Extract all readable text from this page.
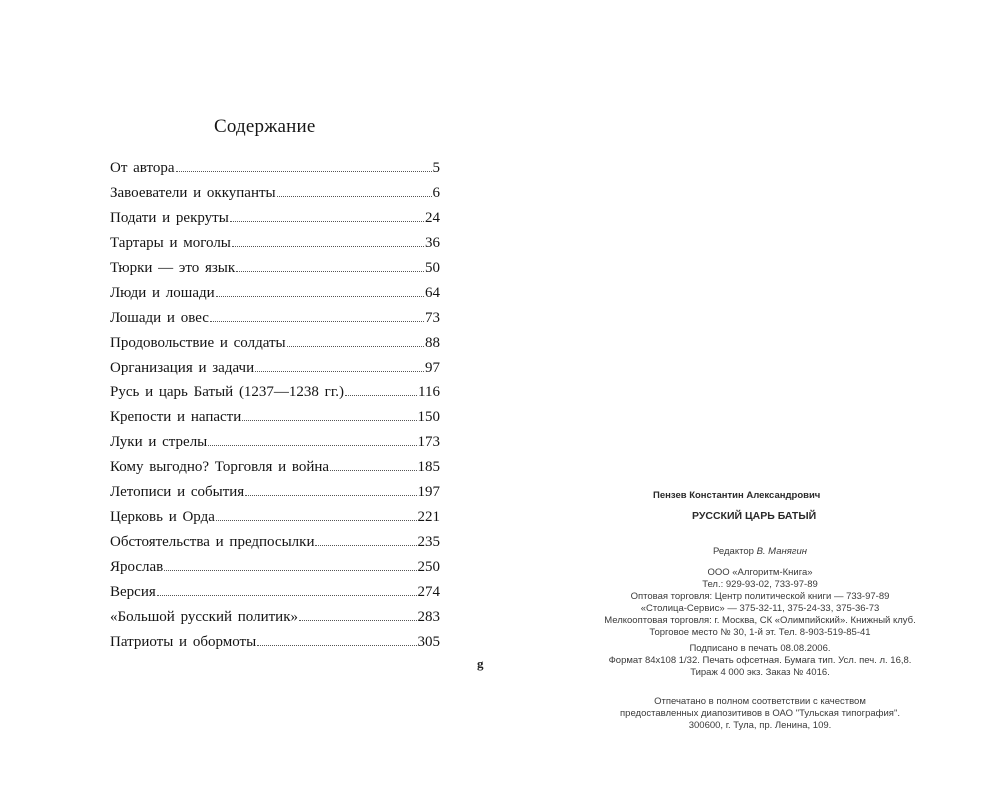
Содержание
От автора	5
Завоеватели и оккупанты	6
Подати и рекруты	24
Тартары и моголы	36
Тюрки — это язык	50
Люди и лошади	64
Лошади и овес	73
Продовольствие и солдаты	88
Организация и задачи	97
Русь и царь Батый (1237—1238 гг.)	116
Крепости и напасти	150
Луки и стрелы	173
Кому выгодно? Торговля и война	185
Летописи и события	197
Церковь и Орда	221
Обстоятельства и предпосылки	235
Ярослав	250
Версия	274
«Большой русский политик»	283
Патриоты и обормоты	305
g
Пензев Константин Александрович
РУССКИЙ ЦАРЬ БАТЫЙ
Редактор В. Манягин
ООО «Алгоритм-Книга»
Тел.: 929-93-02, 733-97-89
Оптовая торговля: Центр политической книги — 733-97-89
«Столица-Сервис» — 375-32-11, 375-24-33, 375-36-73
Мелкооптовая торговля: г. Москва, СК «Олимпийский». Книжный клуб.
Торговое место № 30, 1-й эт. Тел. 8-903-519-85-41
Подписано в печать 08.08.2006.
Формат 84х108 1/32. Печать офсетная. Бумага тип. Усл. печ. л. 16,8.
Тираж 4 000 экз. Заказ № 4016.
Отпечатано в полном соответствии с качеством
предоставленных диапозитивов в ОАО "Тульская типография".
300600, г. Тула, пр. Ленина, 109.
